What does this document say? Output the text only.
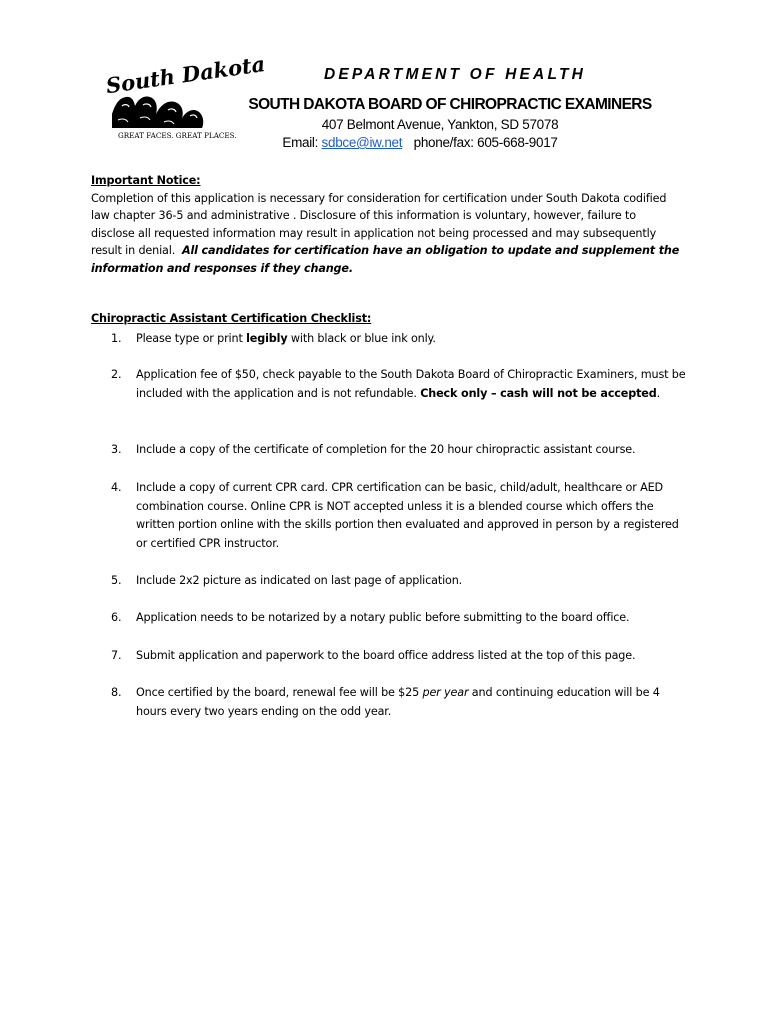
South Dakota
GREAT FACES. GREAT PLACES.
DEPARTMENT OF HEALTH
SOUTH DAKOTA BOARD OF CHIROPRACTIC EXAMINERS
407 Belmont Avenue, Yankton, SD 57078
Email: sdbce@iw.net phone/fax: 605-668-9017
Important Notice:
Completion of this application is necessary for consideration for certification under South Dakota codified law chapter 36-5 and administrative . Disclosure of this information is voluntary, however, failure to disclose all requested information may result in application not being processed and may subsequently result in denial. All candidates for certification have an obligation to update and supplement the information and responses if they change.
Chiropractic Assistant Certification Checklist:
1.	Please type or print legibly with black or blue ink only.
2.	Application fee of $50, check payable to the South Dakota Board of Chiropractic Examiners, must be included with the application and is not refundable. Check only – cash will not be accepted.
3.	Include a copy of the certificate of completion for the 20 hour chiropractic assistant course.
4.	Include a copy of current CPR card. CPR certification can be basic, child/adult, healthcare or AED combination course. Online CPR is NOT accepted unless it is a blended course which offers the written portion online with the skills portion then evaluated and approved in person by a registered or certified CPR instructor.
5.	Include 2x2 picture as indicated on last page of application.
6.	Application needs to be notarized by a notary public before submitting to the board office.
7.	Submit application and paperwork to the board office address listed at the top of this page.
8.	Once certified by the board, renewal fee will be $25 per year and continuing education will be 4 hours every two years ending on the odd year.
